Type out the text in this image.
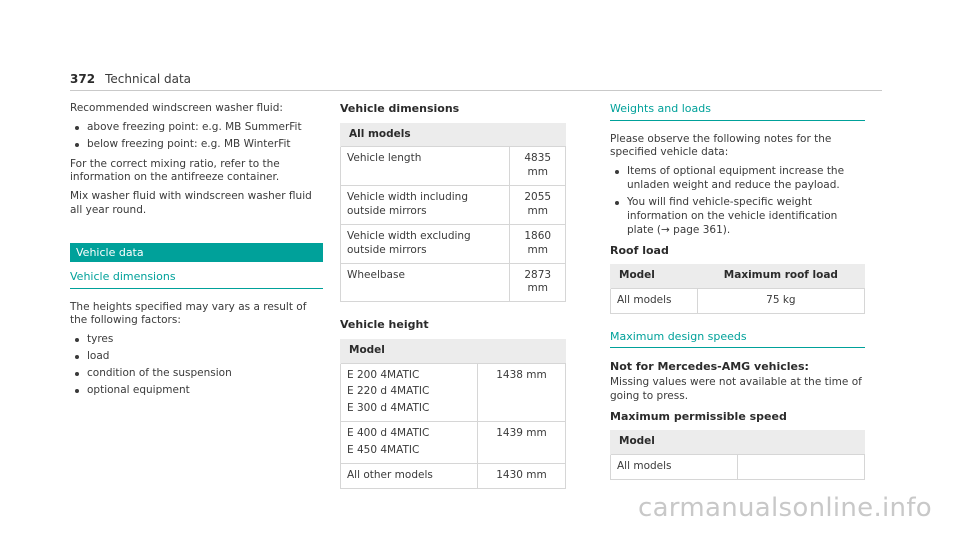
372 Technical data

Recommended windscreen washer fluid:

above freezing point: e.g. MB SummerFit
below freezing point: e.g. MB WinterFit

For the correct mixing ratio, refer to the information on the antifreeze container.

Mix washer fluid with windscreen washer fluid all year round.

Vehicle data
Vehicle dimensions

The heights specified may vary as a result of the following factors:

tyres
load
condition of the suspension
optional equipment
Vehicle dimensions
All models	
Vehicle length	4835 mm
Vehicle width including outside mirrors	2055 mm
Vehicle width excluding outside mirrors	1860 mm
Wheelbase	2873 mm
Vehicle height
Model	

E 200 4MATIC
E 220 d 4MATIC
E 300 d 4MATIC	1438 mm

E 400 d 4MATIC
E 450 4MATIC	1439 mm

All other models	1430 mm
Weights and loads

Please observe the following notes for the specified vehicle data:

Items of optional equipment increase the unladen weight and reduce the payload.
You will find vehicle-specific weight information on the vehicle identification plate (→ page 361).
Roof load
Model	Maximum roof load
All models	75 kg
Maximum design speeds
Not for Mercedes-AMG vehicles:

Missing values were not available at the time of going to press.

Maximum permissible speed
Model
All models	
carmanualsonline.info
